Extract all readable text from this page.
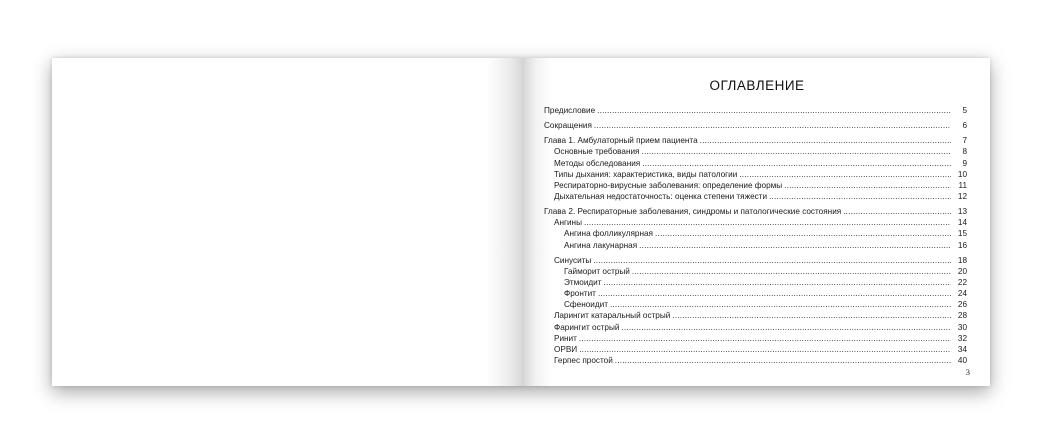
ОГЛАВЛЕНИЕ
Предисловие .....	5
Сокращения .....	6
Глава 1. Амбулаторный прием пациента .....	7
Основные требования .....	8
Методы обследования .....	9
Типы дыхания: характеристика, виды патологии .....	10
Респираторно-вирусные заболевания: определение формы .....	11
Дыхательная недостаточность: оценка степени тяжести .....	12
Глава 2. Респираторные заболевания, синдромы и патологические состояния .....	13
Ангины .....	14
Ангина фолликулярная .....	15
Ангина лакунарная .....	16
Синуситы .....	18
Гайморит острый .....	20
Этмоидит .....	22
Фронтит .....	24
Сфеноидит .....	26
Ларингит катаральный острый .....	28
Фарингит острый .....	30
Ринит .....	32
ОРВИ .....	34
Герпес простой .....	40
3
